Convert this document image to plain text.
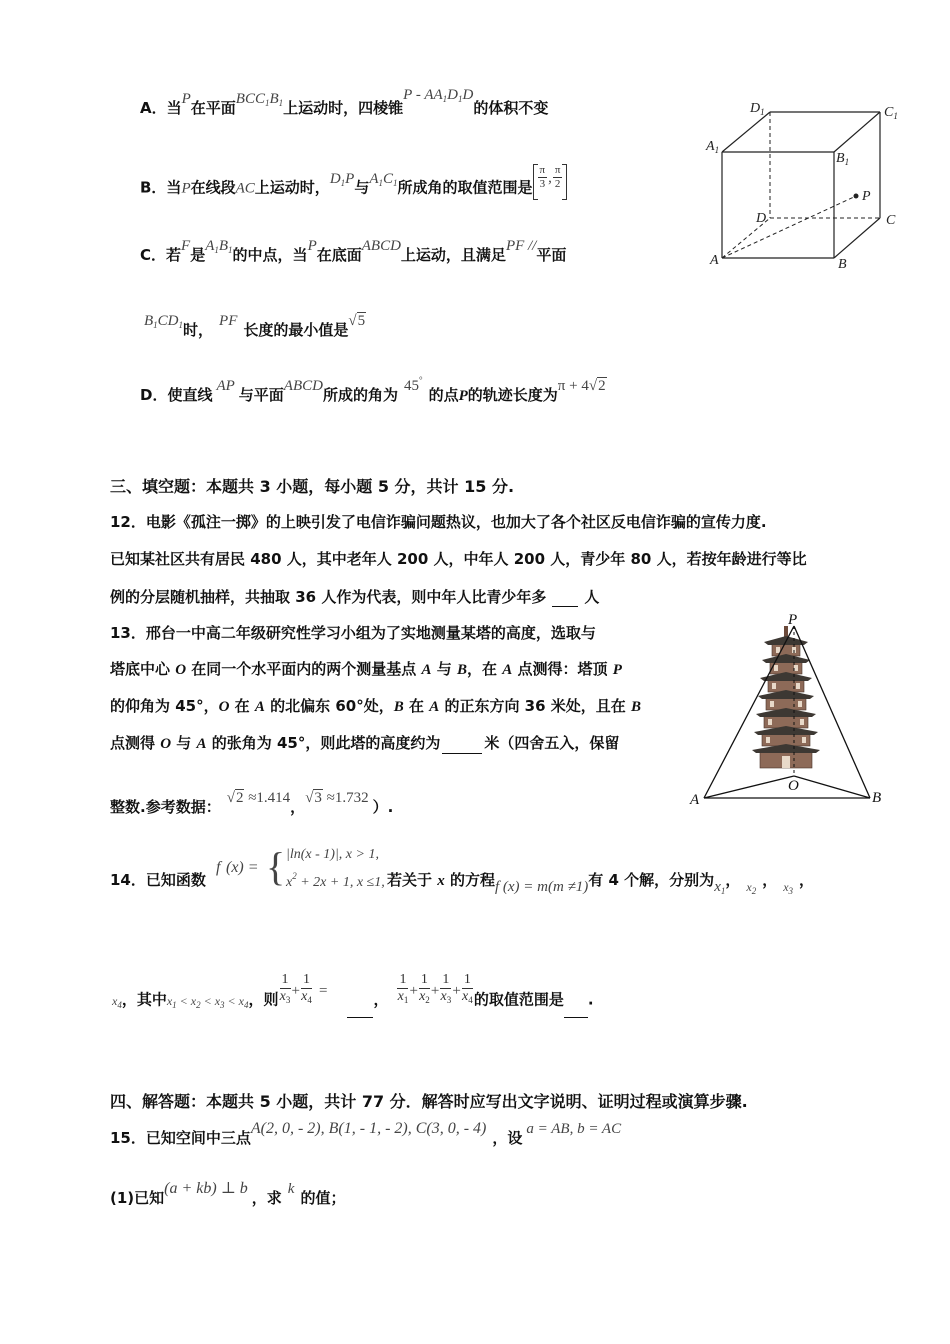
A．当P在平面$BCC_1B_1$上运动时，四棱锥P - $AA_1D_1D$的体积不变
B．当P在线段AC上运动时，$D_1P$与$A_1C_1$所成角的取值范围是 $\frac{\pi}{3}$ , $\frac{\pi}{2}$
C．若F是$A_1B_1$的中点，当P在底面ABCD上运动，且满足PF //平面
$B_1CD_1$时， PF 长度的最小值是√5
D．使直线 AP 与平面ABCD所成的角为 45°的点P的轨迹长度为π + 4√2
$D_1$	$C_1$
$A_1$
$B_1$
D	C
A	B
P
三、填空题：本题共 3 小题，每小题 5 分，共计 15 分.
12．电影《孤注一掷》的上映引发了电信诈骗问题热议，也加大了各个社区反电信诈骗的宣传力度.
已知某社区共有居民 480 人，其中老年人 200 人，中年人 200 人，青少年 80 人，若按年龄进行等比
例的分层随机抽样，共抽取 36 人作为代表，则中年人比青少年多	人
13．邢台一中高二年级研究性学习小组为了实地测量某塔的高度，选取与
塔底中心 O 在同一个水平面内的两个测量基点 A 与 B，在 A 点测得：塔顶 P
的仰角为 45°，O 在 A 的北偏东 60°处，B 在 A 的正东方向 36 米处，且在 B
点测得 O 与 A 的张角为 45°，则此塔的高度约为	米（四舍五入，保留
整数.参考数据： √2 ≈1.414，√3 ≈1.732 ）.
P
O
A	B
14．已知函数
f (x) = { |ln(x - 1)|, x > 1,
$x^2 + 2x + 1$, x ≤1, 若关于 x 的方程f (x) = m(m ≠1)有 4 个解，分别为$x_1$， $_{x_2}$， $_{x_3}$，
$x_4$，其中$x_1 < x_2 < x_3 < x_4$，则 $\frac{1}{x_3} + \frac{1}{x_4}$ =	， $\frac{1}{x_1} + \frac{1}{x_2} + \frac{1}{x_3} + \frac{1}{x_4}$ 的取值范围是 .
四、解答题：本题共 5 小题，共计 77 分．解答时应写出文字说明、证明过程或演算步骤.
15．已知空间中三点A(2, 0, - 2), B(1, - 1, - 2), C(3, 0, - 4)，设 a = AB, b = AC
(1)已知(a + kb) ⊥ b，求 k 的值；
